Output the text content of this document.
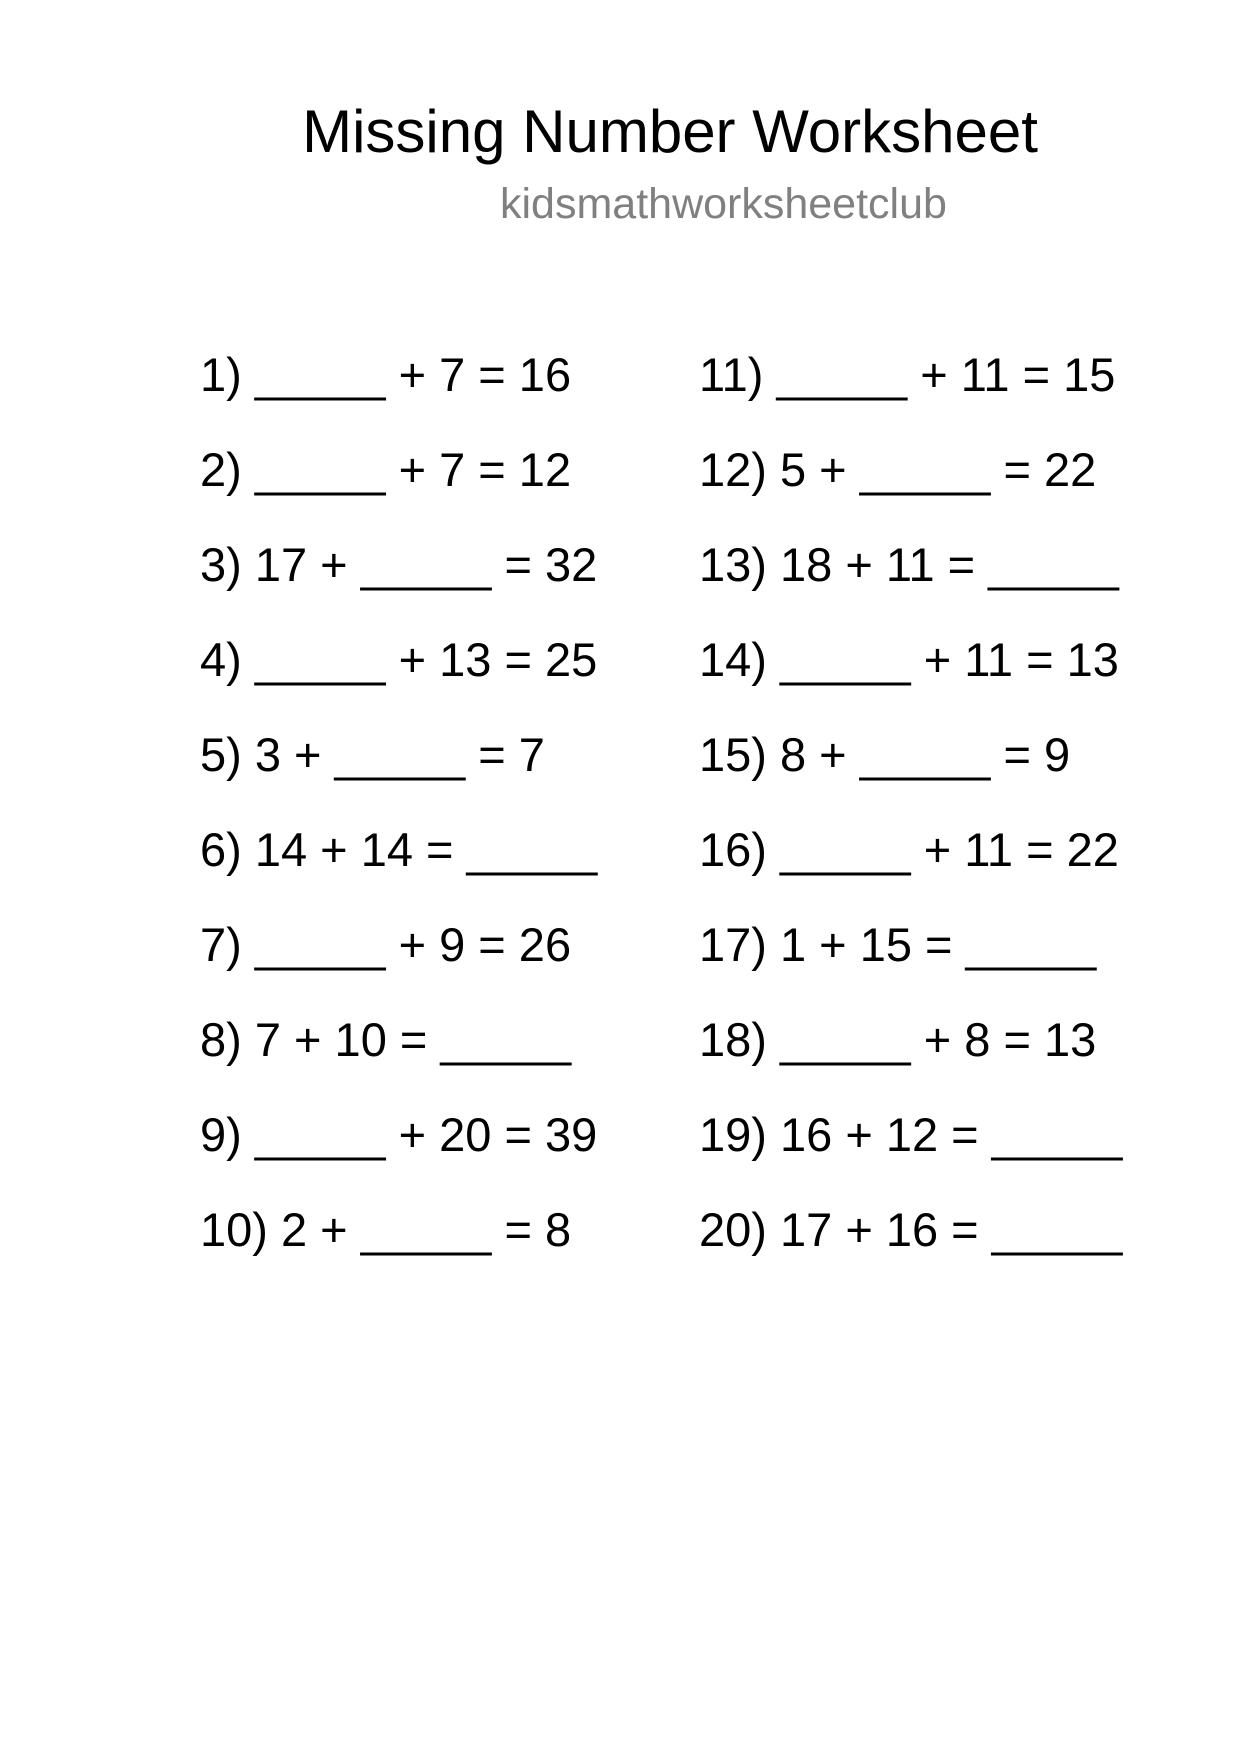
Missing Number Worksheet
kidsmathworksheetclub
1) _____ + 7 = 16
2) _____ + 7 = 12
3) 17 + _____ = 32
4) _____ + 13 = 25
5) 3 + _____ = 7
6) 14 + 14 = _____
7) _____ + 9 = 26
8) 7 + 10 = _____
9) _____ + 20 = 39
10) 2 + _____ = 8
11) _____ + 11 = 15
12) 5 + _____ = 22
13) 18 + 11 = _____
14) _____ + 11 = 13
15) 8 + _____ = 9
16) _____ + 11 = 22
17) 1 + 15 = _____
18) _____ + 8 = 13
19) 16 + 12 = _____
20) 17 + 16 = _____
